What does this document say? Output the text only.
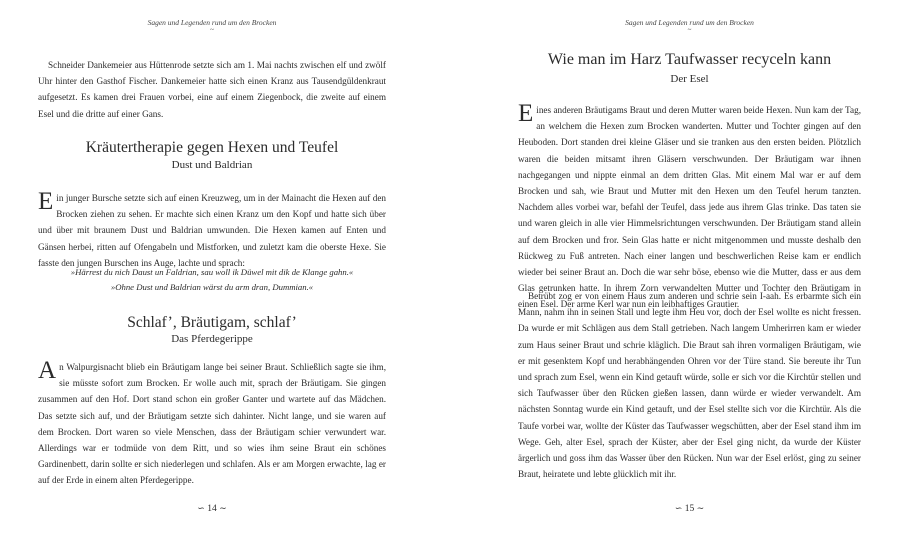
Sagen und Legenden rund um den Brocken
~

Schneider Dankemeier aus Hüttenrode setzte sich am 1. Mai nachts zwischen elf und zwölf Uhr hinter den Gasthof Fischer. Dankemeier hatte sich einen Kranz aus Tausendgüldenkraut aufgesetzt. Es kamen drei Frauen vorbei, eine auf einem Ziegenbock, die zweite auf einem Esel und die dritte auf einer Gans.

Kräutertherapie gegen Hexen und Teufel
Dust und Baldrian

Ein junger Bursche setzte sich auf einen Kreuzweg, um in der Mainacht die Hexen auf den Brocken ziehen zu sehen. Er machte sich einen Kranz um den Kopf und hatte sich über und über mit braunem Dust und Baldrian umwunden. Die Hexen kamen auf Enten und Gänsen herbei, ritten auf Ofengabeln und Mistforken, und zuletzt kam die oberste Hexe. Sie fasste den jungen Burschen ins Auge, lachte und sprach:

»Härrest du nich Daust un Faldrian, sau woll ik Düwel mit dik de Klange gahn.«

»Ohne Dust und Baldrian wärst du arm dran, Dummian.«

Schlaf’, Bräutigam, schlaf’
Das Pferdegerippe

An Walpurgisnacht blieb ein Bräutigam lange bei seiner Braut. Schließlich sagte sie ihm, sie müsste sofort zum Brocken. Er wolle auch mit, sprach der Bräutigam. Sie gingen zusammen auf den Hof. Dort stand schon ein großer Ganter und wartete auf das Mädchen. Das setzte sich auf, und der Bräutigam setzte sich dahinter. Nicht lange, und sie waren auf dem Brocken. Dort waren so viele Menschen, dass der Bräutigam schier verwundert war. Allerdings war er todmüde von dem Ritt, und so wies ihm seine Braut ein schönes Gardinenbett, darin sollte er sich niederlegen und schlafen. Als er am Morgen erwachte, lag er auf der Erde in einem alten Pferdegerippe.

∽ 14 ∼
Sagen und Legenden rund um den Brocken
~
Wie man im Harz Taufwasser recyceln kann
Der Esel

Eines anderen Bräutigams Braut und deren Mutter waren beide Hexen. Nun kam der Tag, an welchem die Hexen zum Brocken wanderten. Mutter und Tochter gingen auf den Heuboden. Dort standen drei kleine Gläser und sie tranken aus den ersten beiden. Plötzlich waren die beiden mitsamt ihren Gläsern verschwunden. Der Bräutigam war ihnen nachgegangen und nippte einmal an dem dritten Glas. Mit einem Mal war er auf dem Brocken und sah, wie Braut und Mutter mit den Hexen um den Teufel herum tanzten. Nachdem alles vorbei war, befahl der Teufel, dass jede aus ihrem Glas trinke. Das taten sie und waren gleich in alle vier Himmelsrichtungen verschwunden. Der Bräutigam stand allein auf dem Brocken und fror. Sein Glas hatte er nicht mitgenommen und musste deshalb den Rückweg zu Fuß antreten. Nach einer langen und beschwerlichen Reise kam er endlich wieder bei seiner Braut an. Doch die war sehr böse, ebenso wie die Mutter, dass er aus dem Glas getrunken hatte. In ihrem Zorn verwandelten Mutter und Tochter den Bräutigam in einen Esel. Der arme Kerl war nun ein leibhaftiges Grautier.

Betrübt zog er von einem Haus zum anderen und schrie sein I-aah. Es erbarmte sich ein Mann, nahm ihn in seinen Stall und legte ihm Heu vor, doch der Esel wollte es nicht fressen. Da wurde er mit Schlägen aus dem Stall getrieben. Nach langem Umherirren kam er wieder zum Haus seiner Braut und schrie kläglich. Die Braut sah ihren vormaligen Bräutigam, wie er mit gesenktem Kopf und herabhängenden Ohren vor der Türe stand. Sie bereute ihr Tun und sprach zum Esel, wenn ein Kind getauft würde, solle er sich vor die Kirchtür stellen und sich Taufwasser über den Rücken gießen lassen, dann würde er wieder verwandelt. Am nächsten Sonntag wurde ein Kind getauft, und der Esel stellte sich vor die Kirchtür. Als die Taufe vorbei war, wollte der Küster das Taufwasser wegschütten, aber der Esel stand ihm im Wege. Geh, alter Esel, sprach der Küster, aber der Esel ging nicht, da wurde der Küster ärgerlich und goss ihm das Wasser über den Rücken. Nun war der Esel erlöst, ging zu seiner Braut, heiratete und lebte glücklich mit ihr.

∽ 15 ∼
